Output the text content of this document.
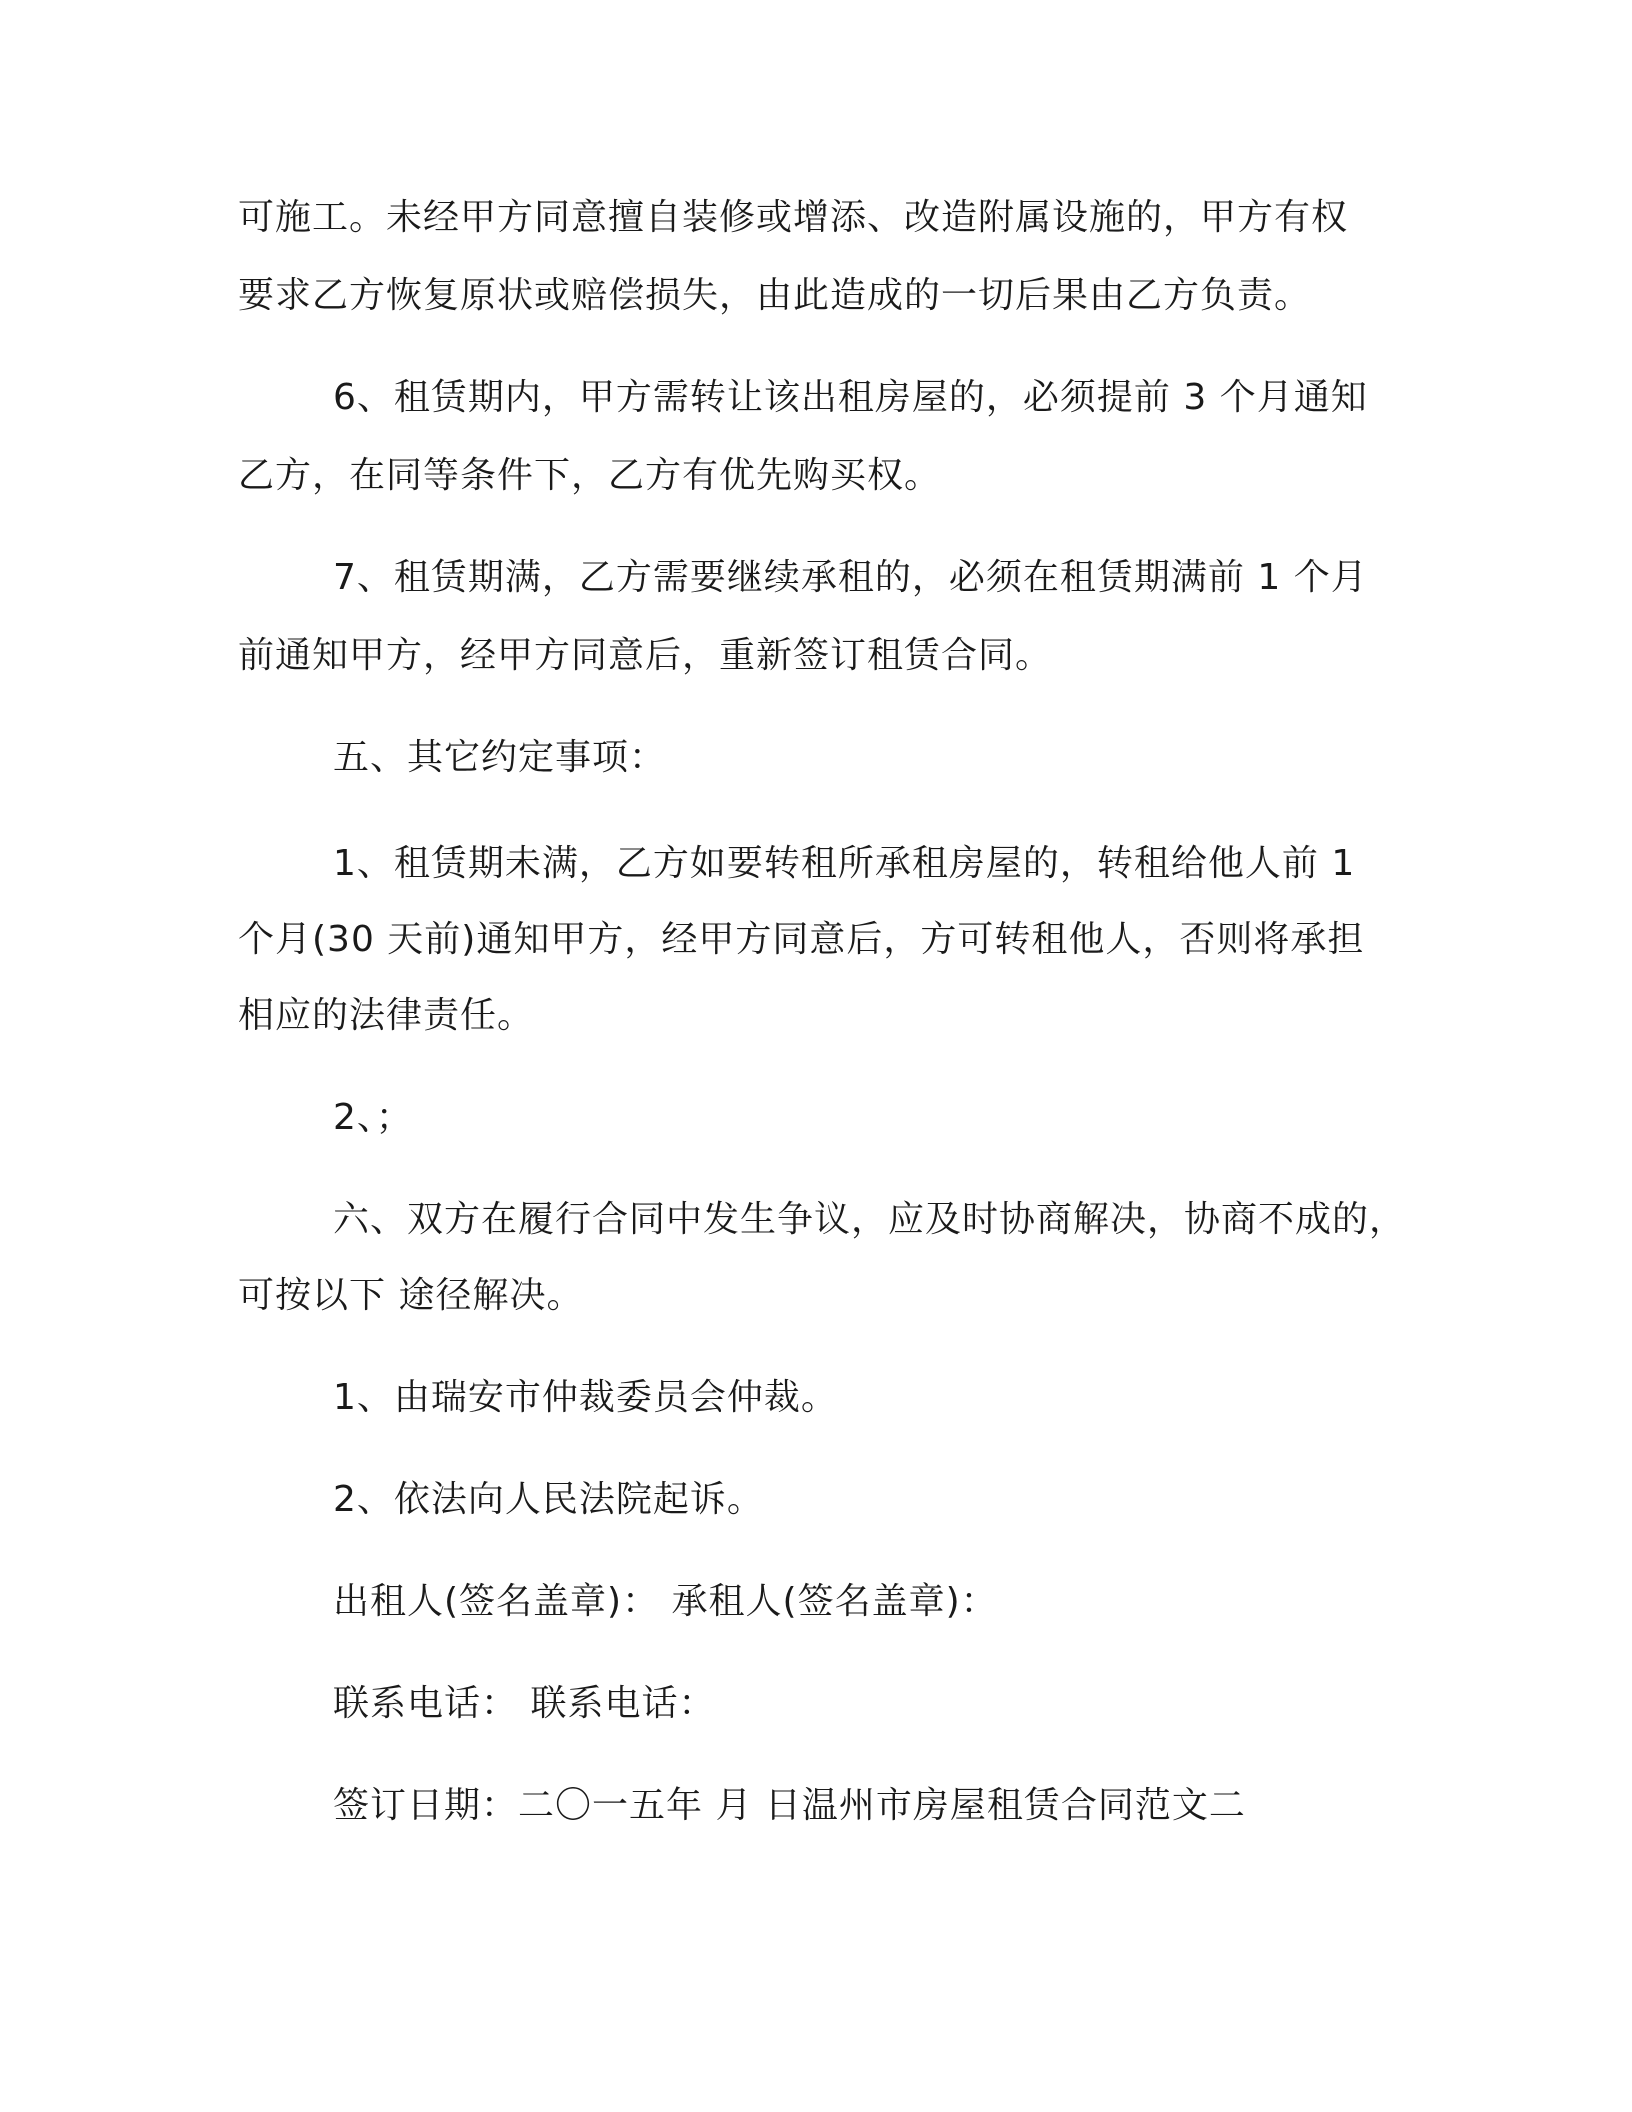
可施工。未经甲方同意擅自装修或增添、改造附属设施的，甲方有权
要求乙方恢复原状或赔偿损失，由此造成的一切后果由乙方负责。
6、租赁期内，甲方需转让该出租房屋的，必须提前 3 个月通知
乙方，在同等条件下，乙方有优先购买权。
7、租赁期满，乙方需要继续承租的，必须在租赁期满前 1 个月
前通知甲方，经甲方同意后，重新签订租赁合同。
五、其它约定事项：
1、租赁期未满，乙方如要转租所承租房屋的，转租给他人前 1
个月(30 天前)通知甲方，经甲方同意后，方可转租他人，否则将承担
相应的法律责任。
2、；
六、双方在履行合同中发生争议，应及时协商解决，协商不成的，
可按以下 途径解决。
1、由瑞安市仲裁委员会仲裁。
2、依法向人民法院起诉。
出租人(签名盖章)： 承租人(签名盖章)：
联系电话： 联系电话：
签订日期：二〇一五年 月 日温州市房屋租赁合同范文二
